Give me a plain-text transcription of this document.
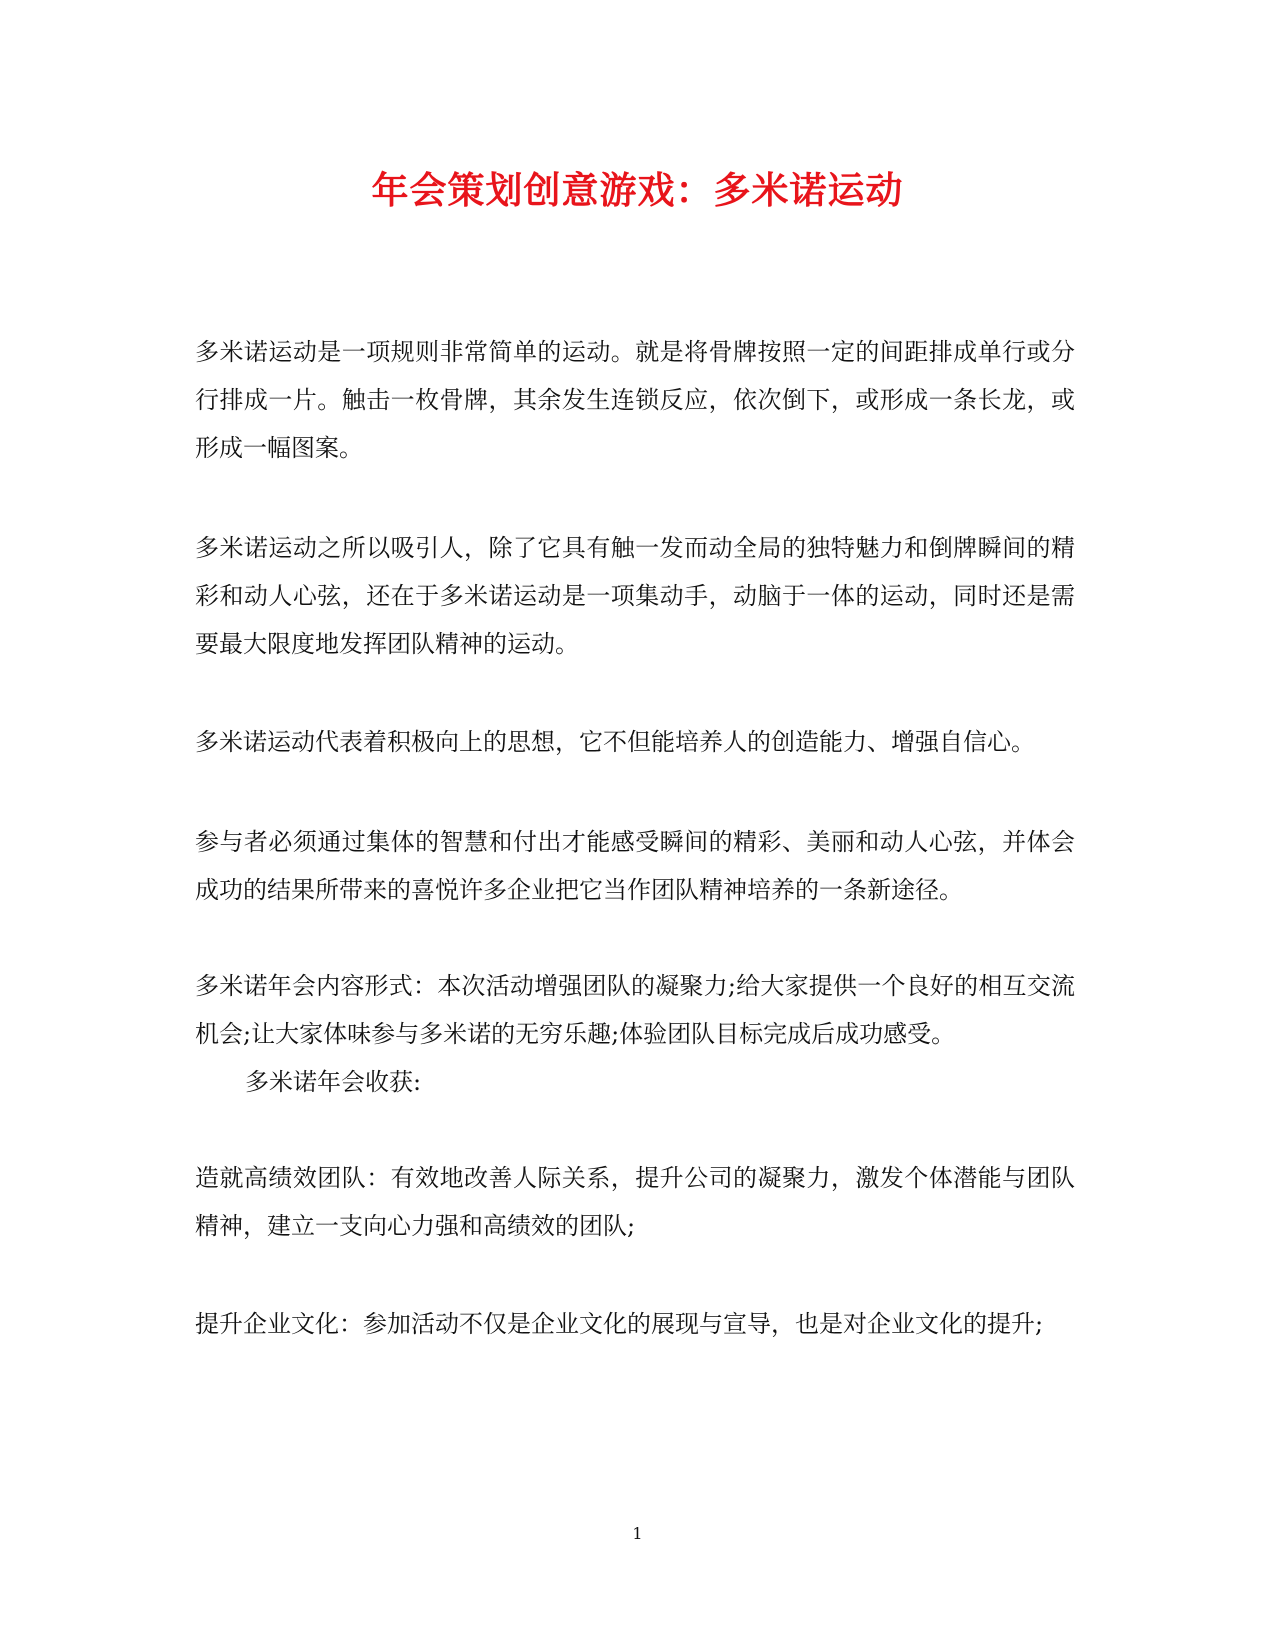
年会策划创意游戏：多米诺运动

多米诺运动是一项规则非常简单的运动。就是将骨牌按照一定的间距排成单行或分行排成一片。触击一枚骨牌，其余发生连锁反应，依次倒下，或形成一条长龙，或形成一幅图案。

多米诺运动之所以吸引人，除了它具有触一发而动全局的独特魅力和倒牌瞬间的精彩和动人心弦，还在于多米诺运动是一项集动手，动脑于一体的运动，同时还是需要最大限度地发挥团队精神的运动。

多米诺运动代表着积极向上的思想，它不但能培养人的创造能力、增强自信心。

参与者必须通过集体的智慧和付出才能感受瞬间的精彩、美丽和动人心弦，并体会成功的结果所带来的喜悦许多企业把它当作团队精神培养的一条新途径。

多米诺年会内容形式：本次活动增强团队的凝聚力;给大家提供一个良好的相互交流机会;让大家体味参与多米诺的无穷乐趣;体验团队目标完成后成功感受。

多米诺年会收获:

造就高绩效团队：有效地改善人际关系，提升公司的凝聚力，激发个体潜能与团队精神，建立一支向心力强和高绩效的团队;

提升企业文化：参加活动不仅是企业文化的展现与宣导，也是对企业文化的提升;

1
